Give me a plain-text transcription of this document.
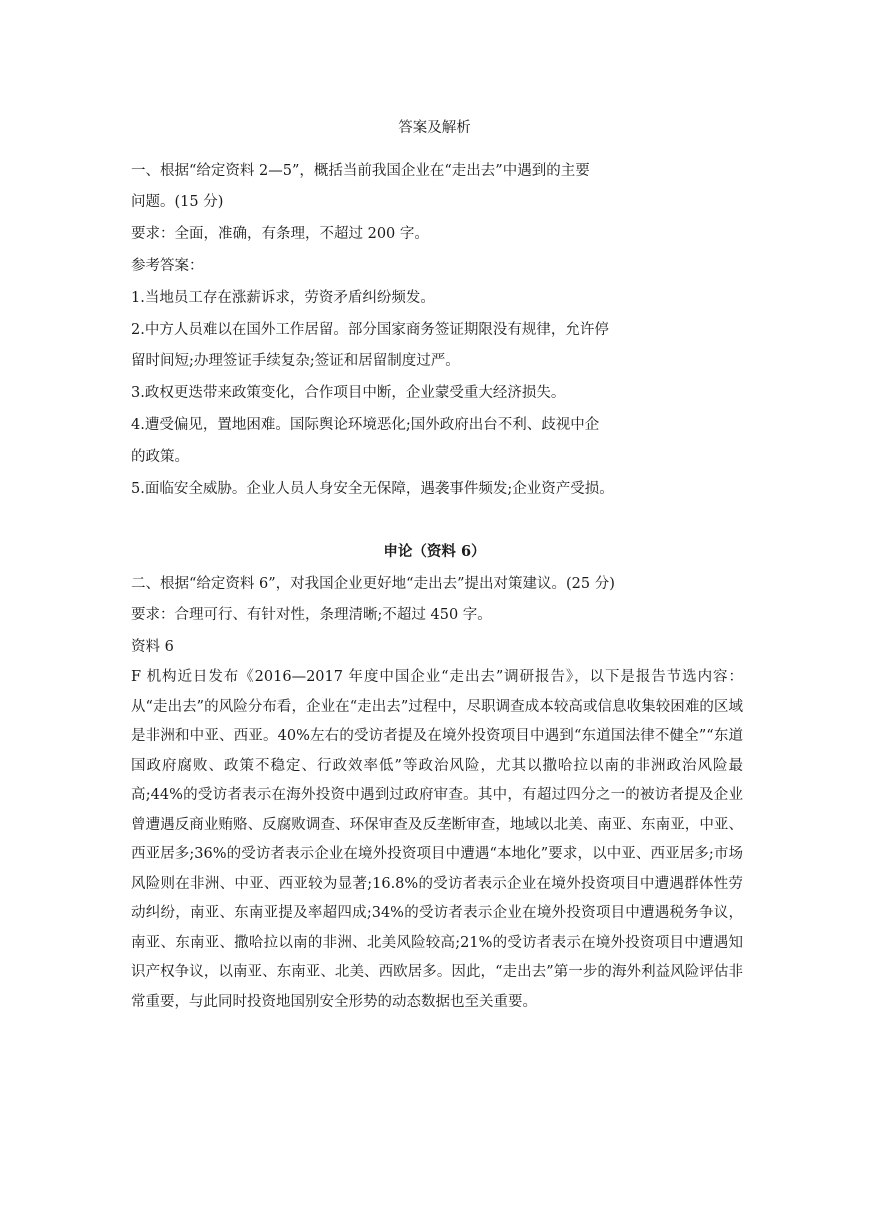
答案及解析
一、根据“给定资料 2—5”，概括当前我国企业在“走出去”中遇到的主要
问题。(15 分)
要求：全面，准确，有条理，不超过 200 字。
参考答案：
1.当地员工存在涨薪诉求，劳资矛盾纠纷频发。
2.中方人员难以在国外工作居留。部分国家商务签证期限没有规律，允许停
留时间短;办理签证手续复杂;签证和居留制度过严。
3.政权更迭带来政策变化，合作项目中断，企业蒙受重大经济损失。
4.遭受偏见，置地困难。国际舆论环境恶化;国外政府出台不利、歧视中企
的政策。
5.面临安全威胁。企业人员人身安全无保障，遇袭事件频发;企业资产受损。
申论（资料 6）
二、根据“给定资料 6”，对我国企业更好地“走出去”提出对策建议。(25 分)
要求：合理可行、有针对性，条理清晰;不超过 450 字。
资料 6
F 机构近日发布《2016—2017 年度中国企业“走出去”调研报告》，以下是报告节选内容：从“走出去”的风险分布看，企业在“走出去”过程中，尽职调查成本较高或信息收集较困难的区域是非洲和中亚、西亚。40%左右的受访者提及在境外投资项目中遇到“东道国法律不健全”“东道国政府腐败、政策不稳定、行政效率低”等政治风险，尤其以撒哈拉以南的非洲政治风险最高;44%的受访者表示在海外投资中遇到过政府审查。其中，有超过四分之一的被访者提及企业曾遭遇反商业贿赂、反腐败调查、环保审查及反垄断审查，地域以北美、南亚、东南亚，中亚、西亚居多;36%的受访者表示企业在境外投资项目中遭遇“本地化”要求，以中亚、西亚居多;市场风险则在非洲、中亚、西亚较为显著;16.8%的受访者表示企业在境外投资项目中遭遇群体性劳动纠纷，南亚、东南亚提及率超四成;34%的受访者表示企业在境外投资项目中遭遇税务争议，南亚、东南亚、撒哈拉以南的非洲、北美风险较高;21%的受访者表示在境外投资项目中遭遇知识产权争议，以南亚、东南亚、北美、西欧居多。因此，“走出去”第一步的海外利益风险评估非常重要，与此同时投资地国别安全形势的动态数据也至关重要。
